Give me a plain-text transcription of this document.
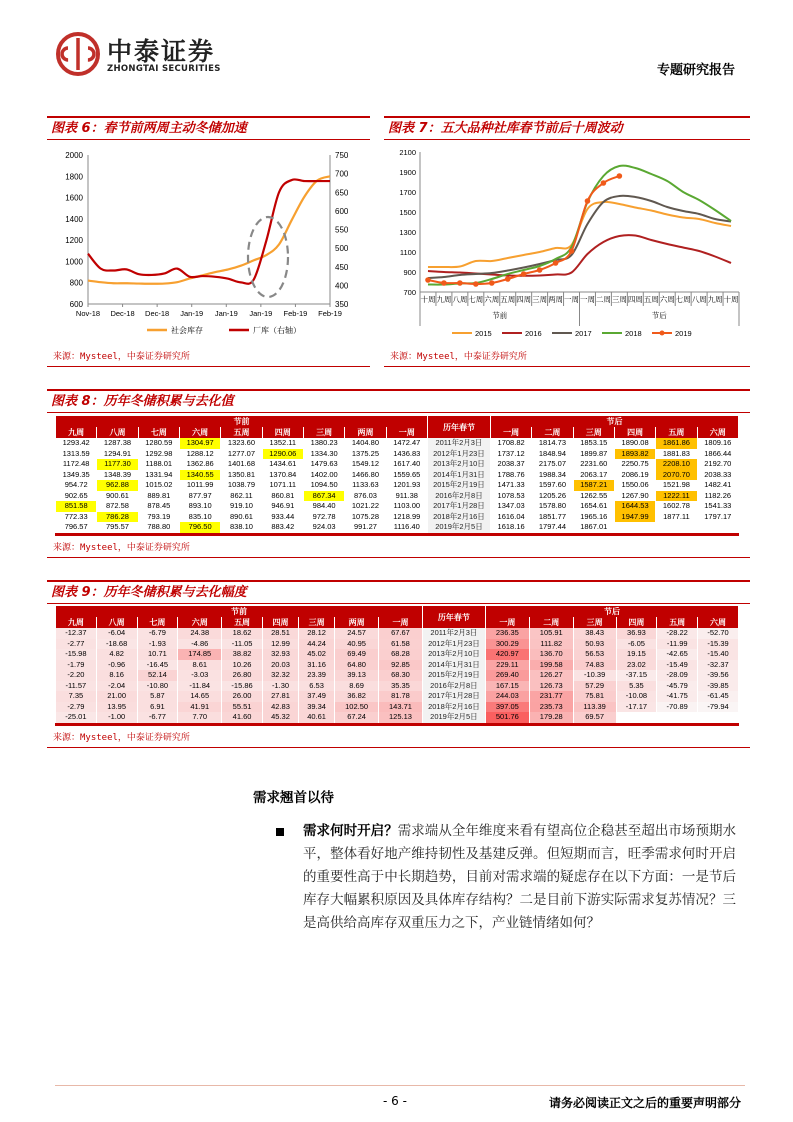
中泰证券
ZHONGTAI SECURITIES	专题研究报告
图表 6：春节前两周主动冬储加速
600
800
1000
1200
1400
1600
1800
2000
350
400
450
500
550
600
650
700
750
Nov-18 Dec-18 Dec-18 Jan-19 Jan-19 Jan-19 Feb-19 Feb-19
社会库存	厂库（右轴）
来源：Mysteel，中泰证券研究所
图表 7：五大品种社库春节前后十周波动
700
900
1100
1300
1500
1700
1900
2100
十周 九周 八周 七周 六周 五周 四周 三周 两周 一周 一周 二周 三周 四周 五周 六周 七周 八周 九周 十周
节前	节后
2015	2016	2017	2018	2019
来源：Mysteel，中泰证券研究所
图表 8：历年冬储积累与去化值
节前									历年春节	节后					
九周	八周	七周	六周	五周	四周	三周	两周	一周		一周	二周	三周	四周	五周	六周
1293.42	1287.38	1280.59	1304.97	1323.60	1352.11	1380.23	1404.80	1472.47	2011年2月3日	1708.82	1814.73	1853.15	1890.08	1861.86	1809.16
1313.59	1294.91	1292.98	1288.12	1277.07	1290.06	1334.30	1375.25	1436.83	2012年1月23日	1737.12	1848.94	1899.87	1893.82	1881.83	1866.44
1172.48	1177.30	1188.01	1362.86	1401.68	1434.61	1479.63	1549.12	1617.40	2013年2月10日	2038.37	2175.07	2231.60	2250.75	2208.10	2192.70
1349.35	1348.39	1331.94	1340.55	1350.81	1370.84	1402.00	1466.80	1559.65	2014年1月31日	1788.76	1988.34	2063.17	2086.19	2070.70	2038.33
954.72	962.88	1015.02	1011.99	1038.79	1071.11	1094.50	1133.63	1201.93	2015年2月19日	1471.33	1597.60	1587.21	1550.06	1521.98	1482.41
902.65	900.61	889.81	877.97	862.11	860.81	867.34	876.03	911.38	2016年2月8日	1078.53	1205.26	1262.55	1267.90	1222.11	1182.26
851.58	872.58	878.45	893.10	919.10	946.91	984.40	1021.22	1103.00	2017年1月28日	1347.03	1578.80	1654.61	1644.53	1602.78	1541.33
772.33	786.28	793.19	835.10	890.61	933.44	972.78	1075.28	1218.99	2018年2月16日	1616.04	1851.77	1965.16	1947.99	1877.11	1797.17
796.57	795.57	788.80	796.50	838.10	883.42	924.03	991.27	1116.40	2019年2月5日	1618.16	1797.44	1867.01			
来源：Mysteel，中泰证券研究所
图表 9：历年冬储积累与去化幅度
节前									历年春节	节后					
九周	八周	七周	六周	五周	四周	三周	两周	一周		一周	二周	三周	四周	五周	六周
-12.37	-6.04	-6.79	24.38	18.62	28.51	28.12	24.57	67.67	2011年2月3日	236.35	105.91	38.43	36.93	-28.22	-52.70
-2.77	-18.68	-1.93	-4.86	-11.05	12.99	44.24	40.95	61.58	2012年1月23日	300.29	111.82	50.93	-6.05	-11.99	-15.39
-15.98	4.82	10.71	174.85	38.82	32.93	45.02	69.49	68.28	2013年2月10日	420.97	136.70	56.53	19.15	-42.65	-15.40
-1.79	-0.96	-16.45	8.61	10.26	20.03	31.16	64.80	92.85	2014年1月31日	229.11	199.58	74.83	23.02	-15.49	-32.37
-2.20	8.16	52.14	-3.03	26.80	32.32	23.39	39.13	68.30	2015年2月19日	269.40	126.27	-10.39	-37.15	-28.09	-39.56
-11.57	-2.04	-10.80	-11.84	-15.86	-1.30	6.53	8.69	35.35	2016年2月8日	167.15	126.73	57.29	5.35	-45.79	-39.85
7.35	21.00	5.87	14.65	26.00	27.81	37.49	36.82	81.78	2017年1月28日	244.03	231.77	75.81	-10.08	-41.75	-61.45
-2.79	13.95	6.91	41.91	55.51	42.83	39.34	102.50	143.71	2018年2月16日	397.05	235.73	113.39	-17.17	-70.89	-79.94
-25.01	-1.00	-6.77	7.70	41.60	45.32	40.61	67.24	125.13	2019年2月5日	501.76	179.28	69.57			
来源：Mysteel，中泰证券研究所
需求翘首以待
需求何时开启？需求端从全年维度来看有望高位企稳甚至超出市场预期水平，整体看好地产维持韧性及基建反弹。但短期而言，旺季需求何时开启的重要性高于中长期趋势，目前对需求端的疑虑存在以下方面：一是节后库存大幅累积原因及具体库存结构？二是目前下游实际需求复苏情况？三是高供给高库存双重压力之下，产业链情绪如何？
- 6 -	请务必阅读正文之后的重要声明部分
